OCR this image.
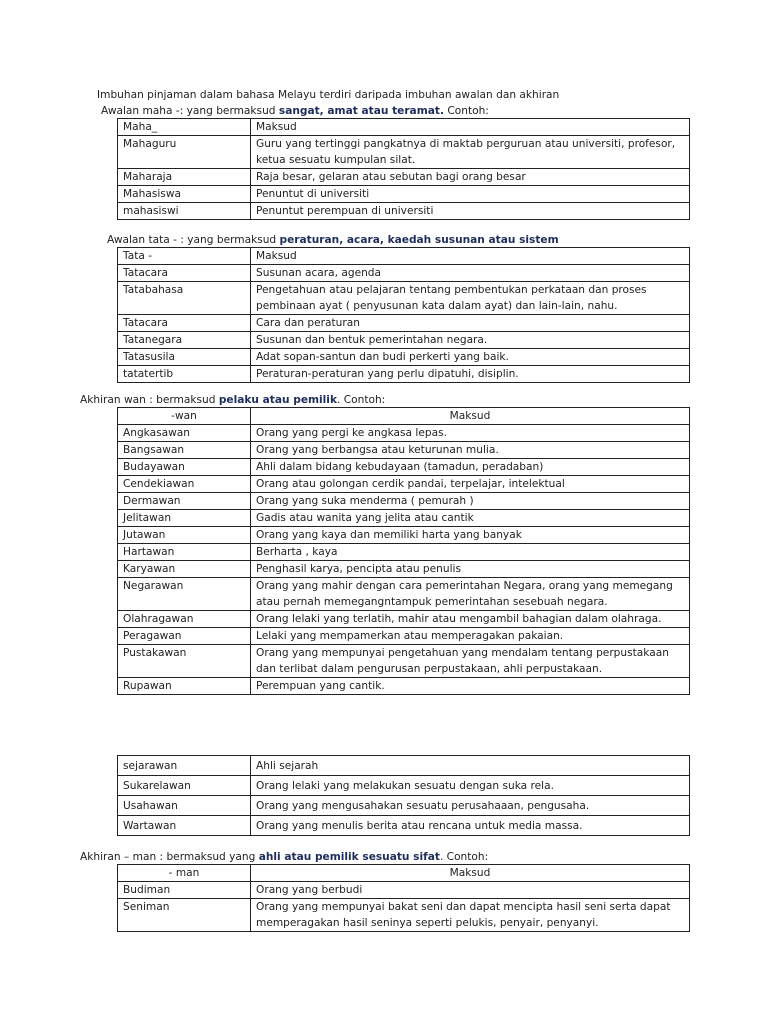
Imbuhan pinjaman dalam bahasa Melayu terdiri daripada imbuhan awalan dan akhiran
Awalan maha -: yang bermaksud sangat, amat atau teramat. Contoh:
Maha_	Maksud
Mahaguru	Guru yang tertinggi pangkatnya di maktab perguruan atau universiti, profesor, ketua sesuatu kumpulan silat.
Maharaja	Raja besar, gelaran atau sebutan bagi orang besar
Mahasiswa	Penuntut di universiti
mahasiswi	Penuntut perempuan di universiti
Awalan tata - : yang bermaksud peraturan, acara, kaedah susunan atau sistem
Tata -	Maksud
Tatacara	Susunan acara, agenda
Tatabahasa	Pengetahuan atau pelajaran tentang pembentukan perkataan dan proses pembinaan ayat ( penyusunan kata dalam ayat) dan lain-lain, nahu.
Tatacara	Cara dan peraturan
Tatanegara	Susunan dan bentuk pemerintahan negara.
Tatasusila	Adat sopan-santun dan budi perkerti yang baik.
tatatertib	Peraturan-peraturan yang perlu dipatuhi, disiplin.
Akhiran wan : bermaksud pelaku atau pemilik. Contoh:
-wan	Maksud
Angkasawan	Orang yang pergi ke angkasa lepas.
Bangsawan	Orang yang berbangsa atau keturunan mulia.
Budayawan	Ahli dalam bidang kebudayaan (tamadun, peradaban)
Cendekiawan	Orang atau golongan cerdik pandai, terpelajar, intelektual
Dermawan	Orang yang suka menderma ( pemurah )
Jelitawan	Gadis atau wanita yang jelita atau cantik
Jutawan	Orang yang kaya dan memiliki harta yang banyak
Hartawan	Berharta , kaya
Karyawan	Penghasil karya, pencipta atau penulis
Negarawan	Orang yang mahir dengan cara pemerintahan Negara, orang yang memegang atau pernah memegangntampuk pemerintahan sesebuah negara.
Olahragawan	Orang lelaki yang terlatih, mahir atau mengambil bahagian dalam olahraga.
Peragawan	Lelaki yang mempamerkan atau memperagakan pakaian.
Pustakawan	Orang yang mempunyai pengetahuan yang mendalam tentang perpustakaan dan terlibat dalam pengurusan perpustakaan, ahli perpustakaan.
Rupawan	Perempuan yang cantik.
sejarawan	Ahli sejarah
Sukarelawan	Orang lelaki yang melakukan sesuatu dengan suka rela.
Usahawan	Orang yang mengusahakan sesuatu perusahaaan, pengusaha.
Wartawan	Orang yang menulis berita atau rencana untuk media massa.
Akhiran – man : bermaksud yang ahli atau pemilik sesuatu sifat. Contoh:
- man	Maksud
Budiman	Orang yang berbudi
Seniman	Orang yang mempunyai bakat seni dan dapat mencipta hasil seni serta dapat memperagakan hasil seninya seperti pelukis, penyair, penyanyi.
